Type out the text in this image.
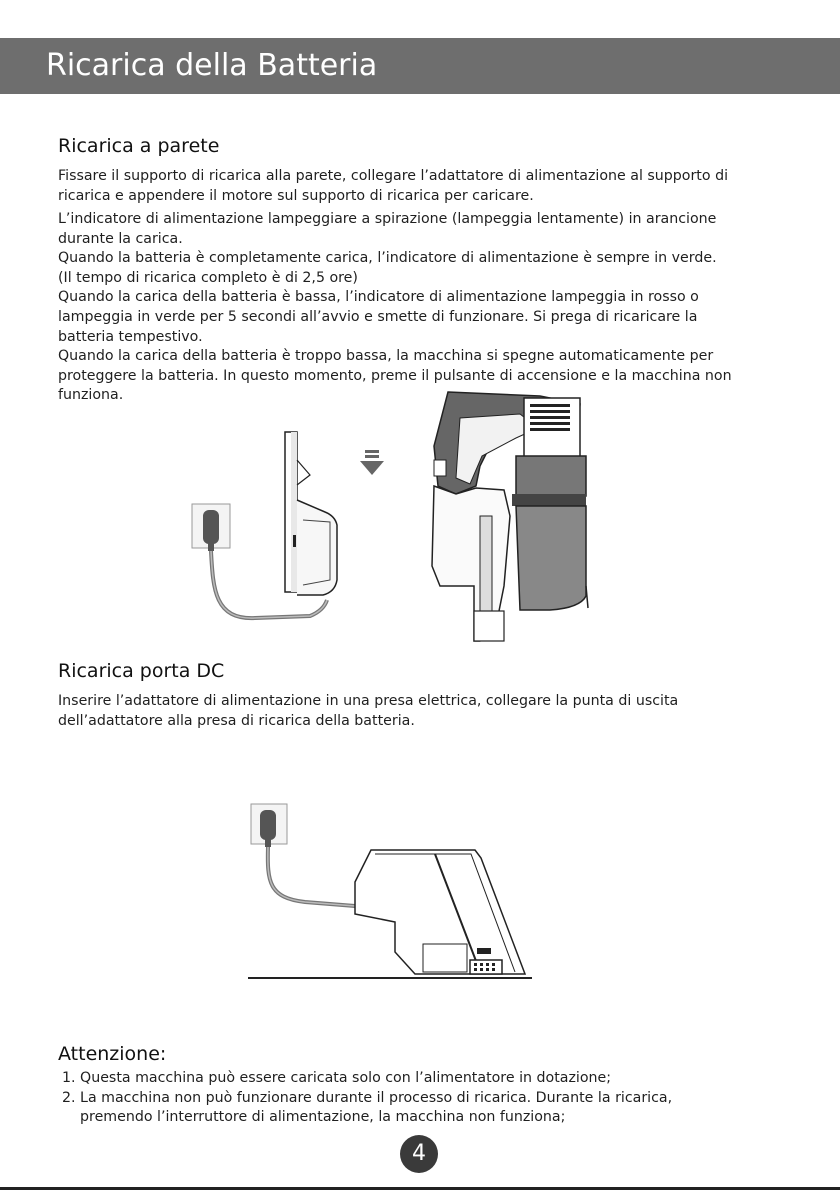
Ricarica della Batteria
Ricarica a parete
Fissare il supporto di ricarica alla parete, collegare l’adattatore di alimentazione al supporto di
ricarica e appendere il motore sul supporto di ricarica per caricare.
L’indicatore di alimentazione lampeggiare a spirazione (lampeggia lentamente) in arancione
durante la carica.
Quando la batteria è completamente carica, l’indicatore di alimentazione è sempre in verde.
(Il tempo di ricarica completo è di 2,5 ore)
Quando la carica della batteria è bassa, l’indicatore di alimentazione lampeggia in rosso o
lampeggia in verde per 5 secondi all’avvio e smette di funzionare. Si prega di ricaricare la
batteria tempestivo.
Quando la carica della batteria è troppo bassa, la macchina si spegne automaticamente per
proteggere la batteria. In questo momento, preme il pulsante di accensione e la macchina non
funziona.
Ricarica porta DC
Inserire l’adattatore di alimentazione in una presa elettrica, collegare la punta di uscita
dell’adattatore alla presa di ricarica della batteria.
Attenzione:
1. Questa macchina può essere caricata solo con l’alimentatore in dotazione;
2. La macchina non può funzionare durante il processo di ricarica. Durante la ricarica,
premendo l’interruttore di alimentazione, la macchina non funziona;
4
